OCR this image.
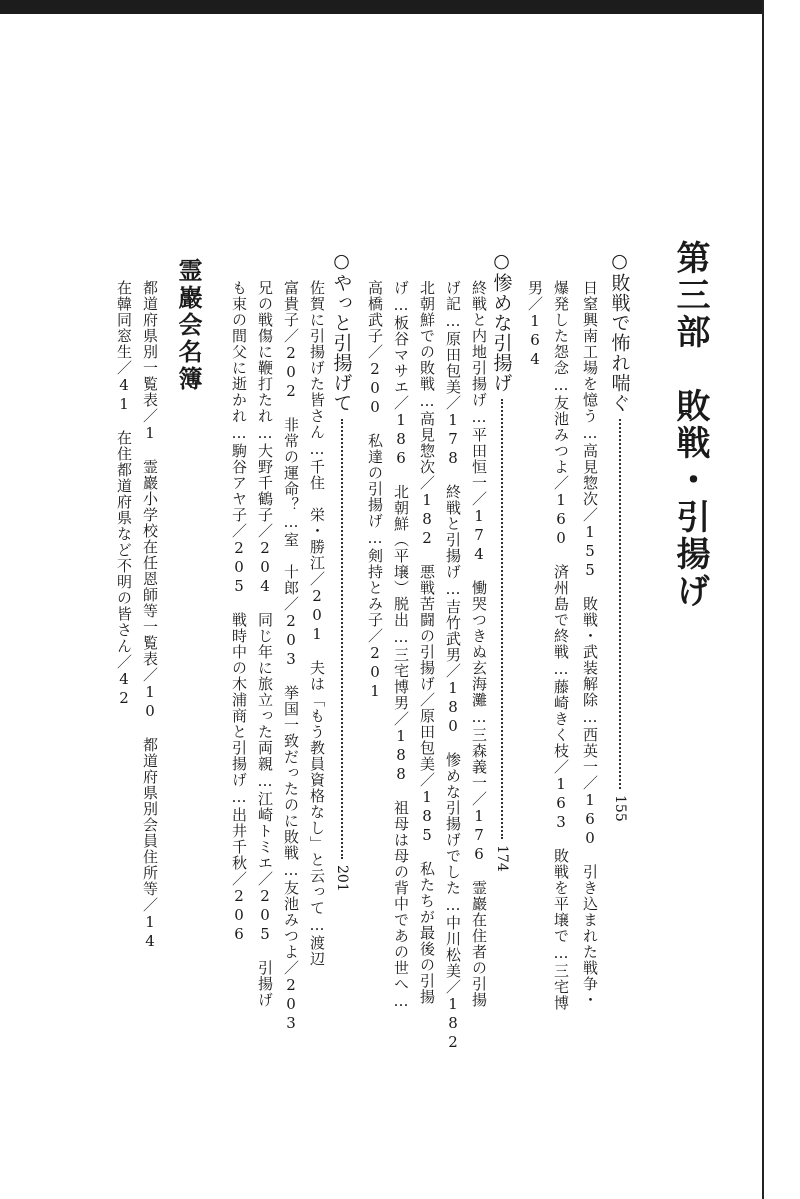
第三部　敗戦・引揚げ
○敗戦で怖れ喘ぐ
155
日窒興南工場を憶う…高見惣次／155　敗戦・武装解除…西英一／160　引き込まれた戦争・
爆発した怨念…友池みつよ／160　済州島で終戦…藤崎きく枝／163　敗戦を平壌で…三宅博
男／164
○惨めな引揚げ
174
終戦と内地引揚げ…平田恒一／174　慟哭つきぬ玄海灘…三森義一／176　霊巖在住者の引揚
げ記…原田包美／178　終戦と引揚げ…吉竹武男／180　惨めな引揚げでした…中川松美／182
北朝鮮での敗戦…高見惣次／182　悪戦苦闘の引揚げ／原田包美／185　私たちが最後の引揚
げ…板谷マサエ／186　北朝鮮（平壌）脱出…三宅博男／188　祖母は母の背中であの世へ…
高橋武子／200　私達の引揚げ…剣持とみ子／201
○やっと引揚げて
201
佐賀に引揚げた皆さん…千住　栄・勝江／201　夫は「もう教員資格なし」と云って…渡辺
富貴子／202　非常の運命？…室　十郎／203　挙国一致だったのに敗戦…友池みつよ／203
兄の戦傷に鞭打たれ…大野千鶴子／204　同じ年に旅立った両親…江崎トミエ／205　引揚げ
も束の間父に逝かれ…駒谷アヤ子／205　戦時中の木浦商と引揚げ…出井千秋／206
霊巖会名簿
都道府県別一覧表／1　霊巖小学校在任恩師等一覧表／10　都道府県別会員住所等／14
在韓同窓生／41　在住都道府県など不明の皆さん／42
